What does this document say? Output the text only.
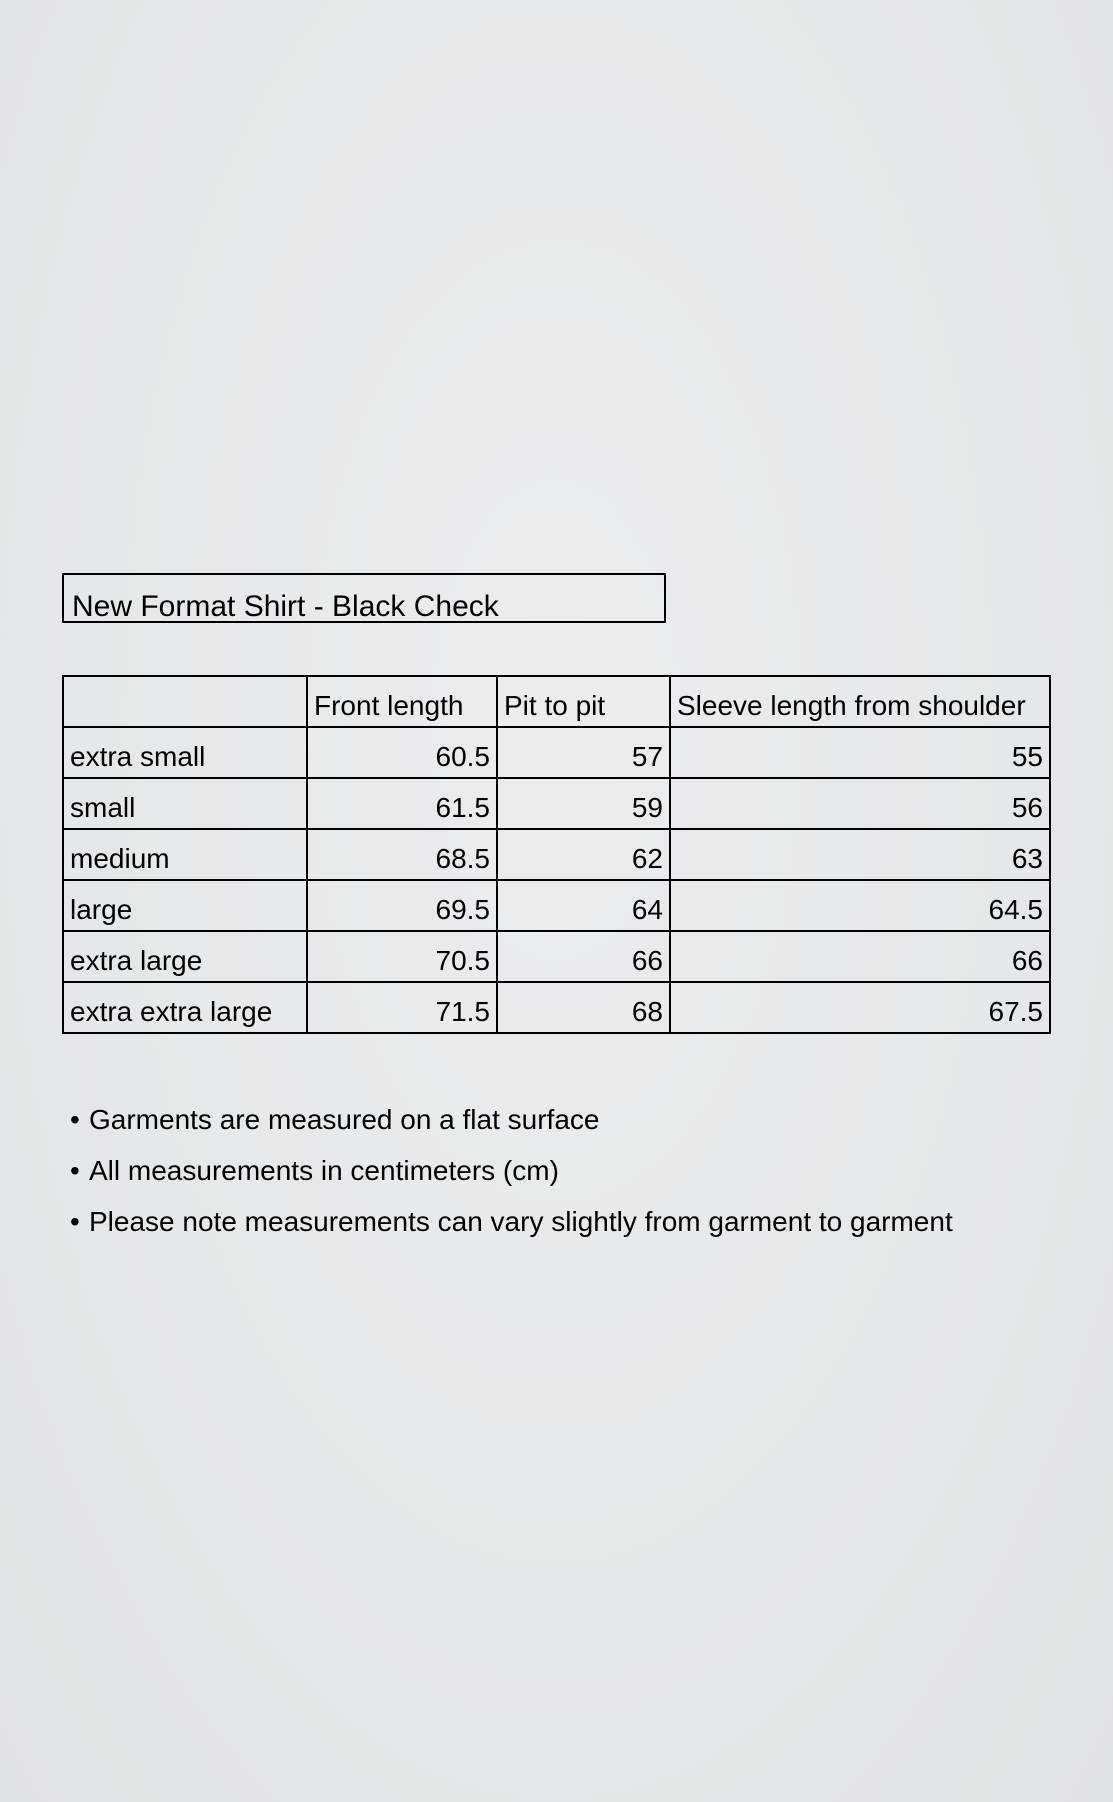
New Format Shirt - Black Check
	Front length	Pit to pit	Sleeve length from shoulder
extra small	60.5	57	55
small	61.5	59	56
medium	68.5	62	63
large	69.5	64	64.5
extra large	70.5	66	66
extra extra large	71.5	68	67.5
• Garments are measured on a flat surface
• All measurements in centimeters (cm)
• Please note measurements can vary slightly from garment to garment
